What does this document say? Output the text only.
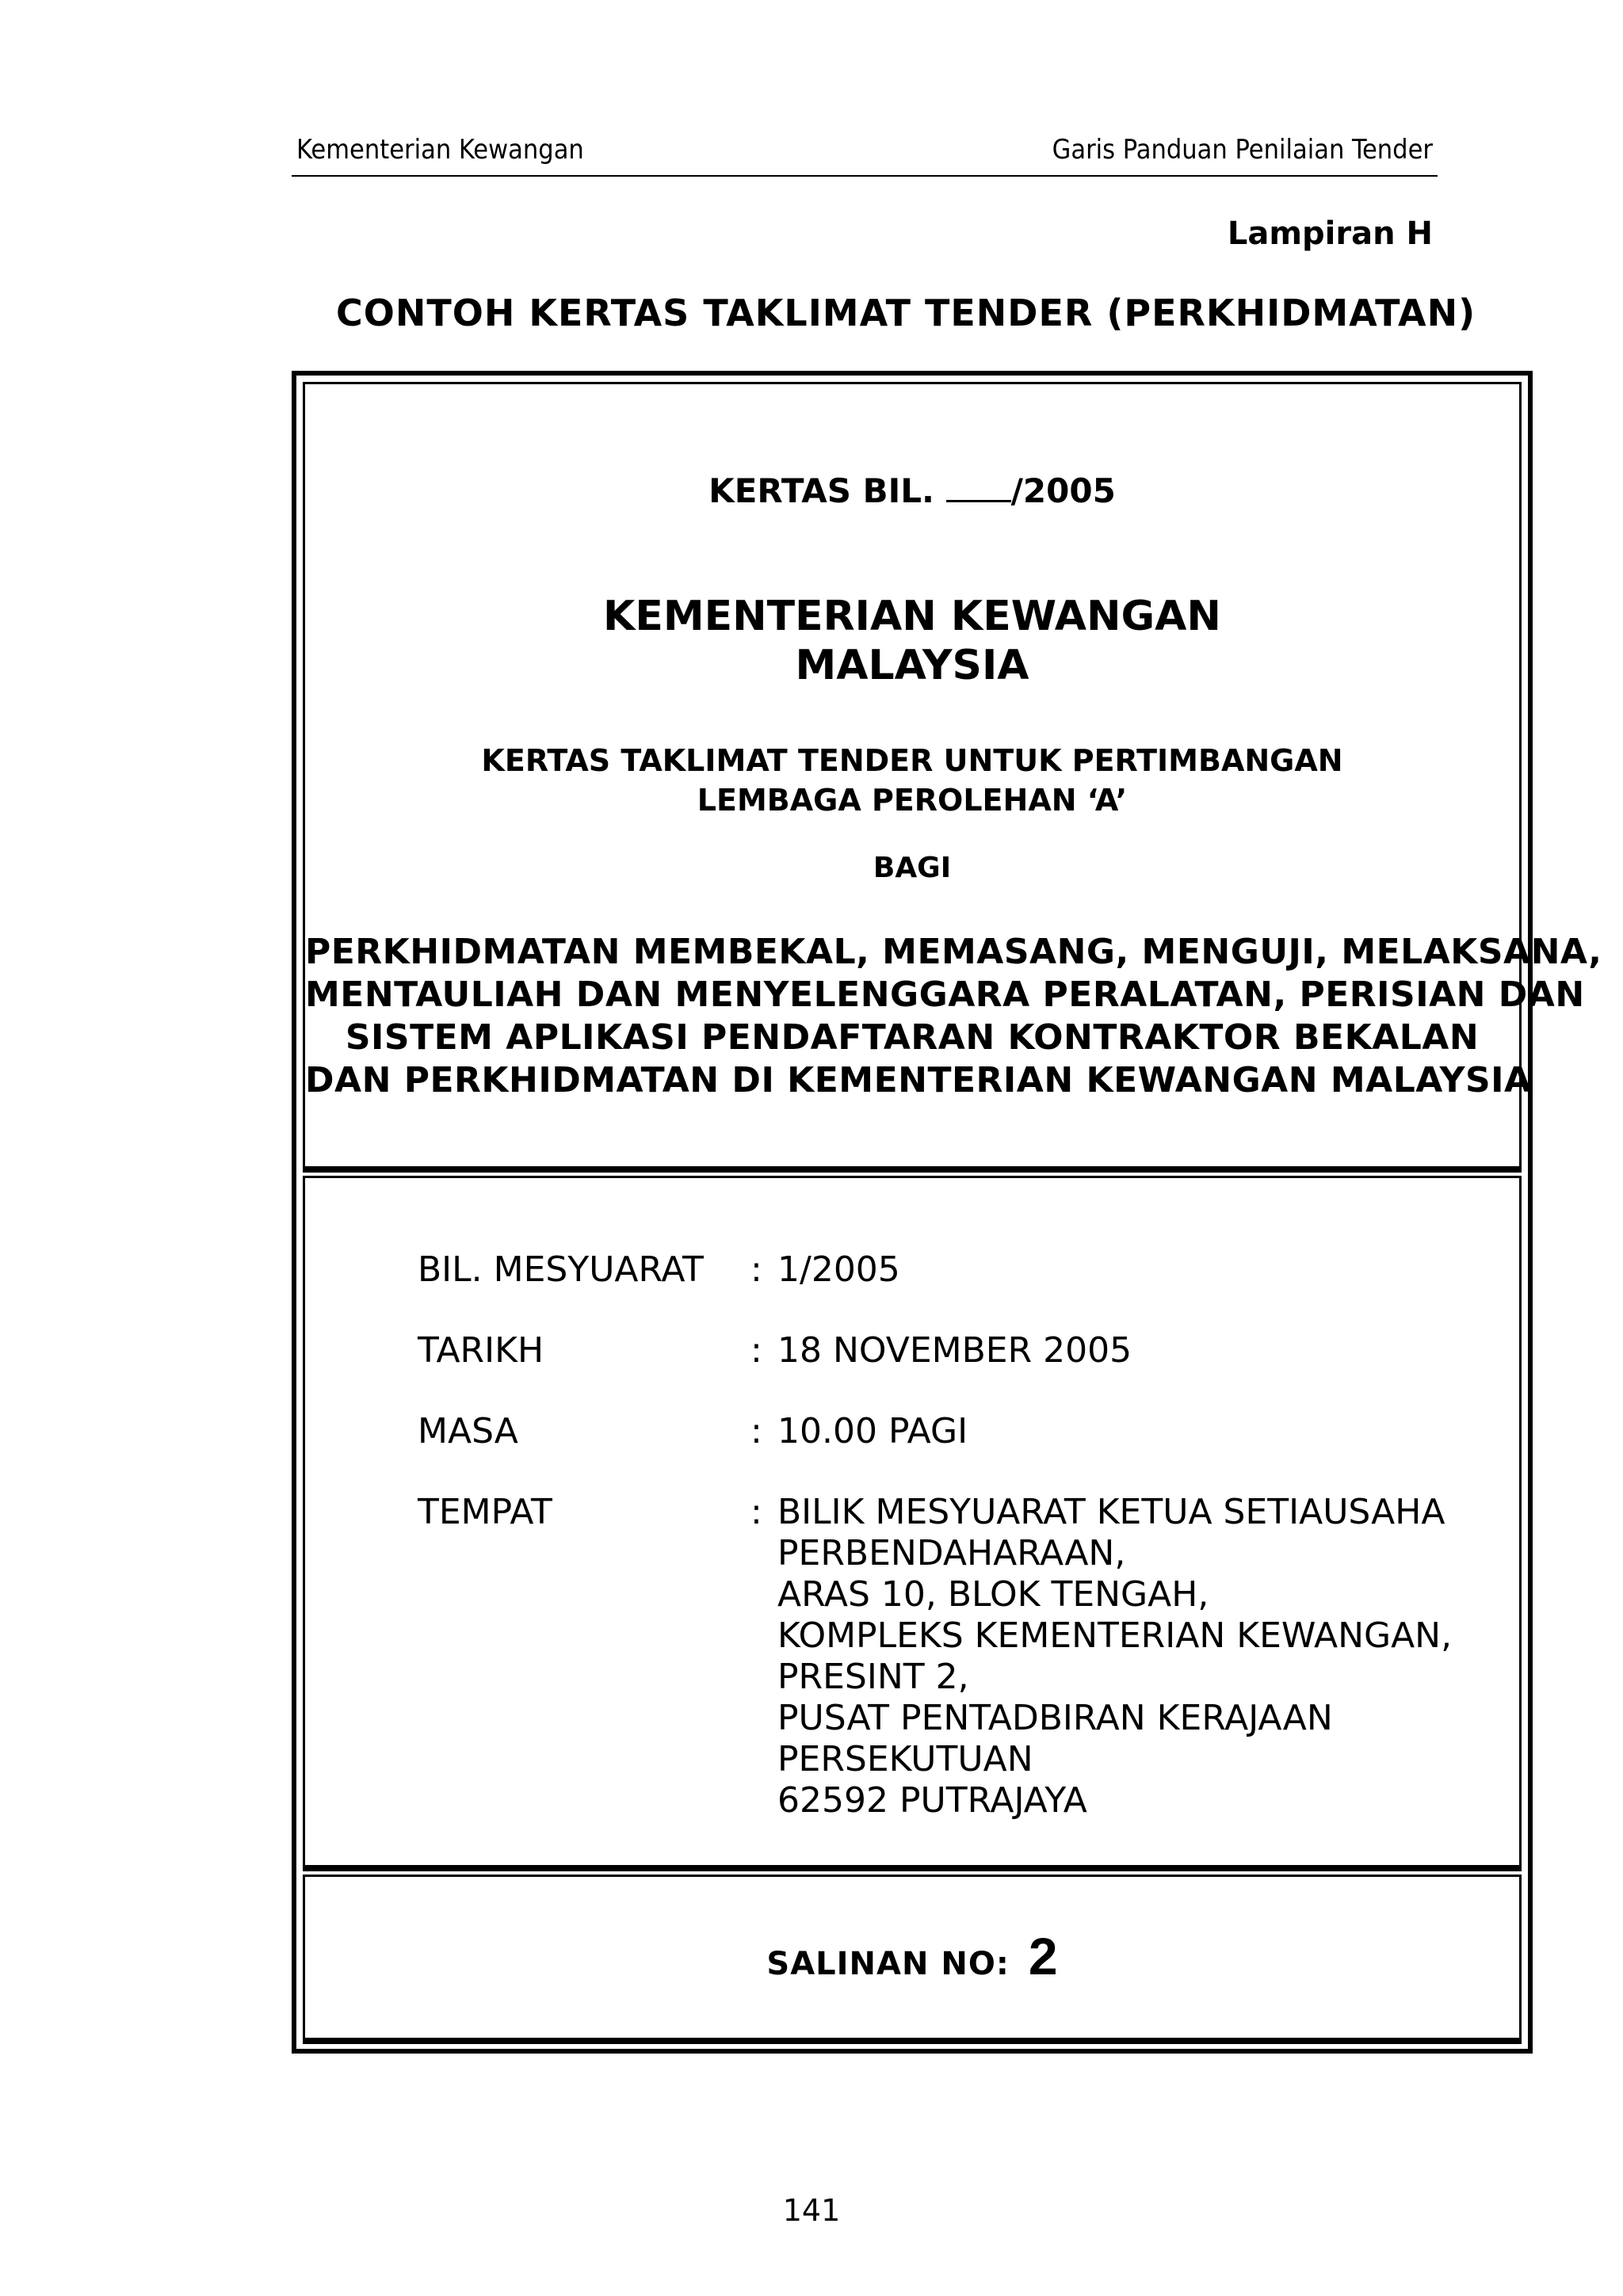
Kementerian Kewangan	Garis Panduan Penilaian Tender
Lampiran H
CONTOH KERTAS TAKLIMAT TENDER (PERKHIDMATAN)
KERTAS BIL. /2005
KEMENTERIAN KEWANGAN
MALAYSIA
KERTAS TAKLIMAT TENDER UNTUK PERTIMBANGAN
LEMBAGA PEROLEHAN ‘A’
BAGI
PERKHIDMATAN MEMBEKAL, MEMASANG, MENGUJI, MELAKSANA,
MENTAULIAH DAN MENYELENGGARA PERALATAN, PERISIAN DAN
SISTEM APLIKASI PENDAFTARAN KONTRAKTOR BEKALAN
DAN PERKHIDMATAN DI KEMENTERIAN KEWANGAN MALAYSIA
BIL. MESYUARAT	: 1/2005
TARIKH	: 18 NOVEMBER 2005
MASA	: 10.00 PAGI
TEMPAT	: BILIK MESYUARAT KETUA SETIAUSAHA
PERBENDAHARAAN,
ARAS 10, BLOK TENGAH,
KOMPLEKS KEMENTERIAN KEWANGAN,
PRESINT 2,
PUSAT PENTADBIRAN KERAJAAN
PERSEKUTUAN
62592 PUTRAJAYA
SALINAN NO: 2
141
